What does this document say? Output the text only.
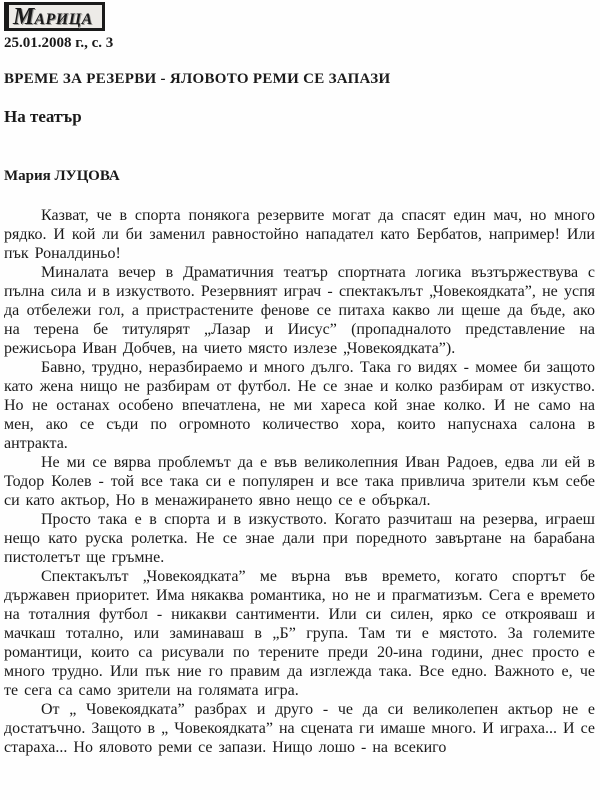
МАРИЦА
25.01.2008 г., с. 3
ВРЕМЕ ЗА РЕЗЕРВИ - ЯЛОВОТО РЕМИ СЕ ЗАПАЗИ
На театър
Мария ЛУЦОВА

Казват, че в спорта понякога резервите могат да спасят един мач, но много рядко. И кой ли би заменил равностойно нападател като Бербатов, например! Или пък Роналдиньо!

Миналата вечер в Драматичния театър спортната логика възтържествува с пълна сила и в изкуството. Резервният играч - спектакълът „Човекоядката”, не успя да отбележи гол, а пристрастените фенове се питаха какво ли щеше да бъде, ако на терена бе титулярят „Лазар и Иисус” (пропадналото представление на режисьора Иван Добчев, на чието място излезе „Човекоядката”).

Бавно, трудно, неразбираемо и много дълго. Така го видях - момее би защото като жена нищо не разбирам от футбол. Не се знае и колко разбирам от изкуство. Но не останах особено впечатлена, не ми хареса кой знае колко. И не само на мен, ако се съди по огромното количество хора, които напуснаха салона в антракта.

Не ми се вярва проблемът да е във великолепния Иван Радоев, едва ли ей в Тодор Колев - той все така си е популярен и все така привлича зрители към себе си като актьор, Но в менажирането явно нещо се е объркал.

Просто така е в спорта и в изкуството. Когато разчиташ на резерва, играеш нещо като руска ролетка. Не се знае дали при поредното завъртане на барабана пистолетът ще гръмне.

Спектакълът „Човекоядката” ме върна във времето, когато спортът бе държавен приоритет. Има някаква романтика, но не и прагматизъм. Сега е времето на тоталния футбол - никакви сантименти. Или си силен, ярко се открояваш и мачкаш тотално, или заминаваш в „Б” група. Там ти е мястото. За големите романтици, които са рисували по терените преди 20-ина години, днес просто е много трудно. Или пък ние го правим да изглежда така. Все едно. Важното е, че те сега са само зрители на голямата игра.

От „ Човекоядката” разбрах и друго - че да си великолепен актьор не е достатъчно. Защото в „ Човекоядката” на сцената ги имаше много. И играха... И се стараха... Но яловото реми се запази. Нищо лошо - на всекиго
